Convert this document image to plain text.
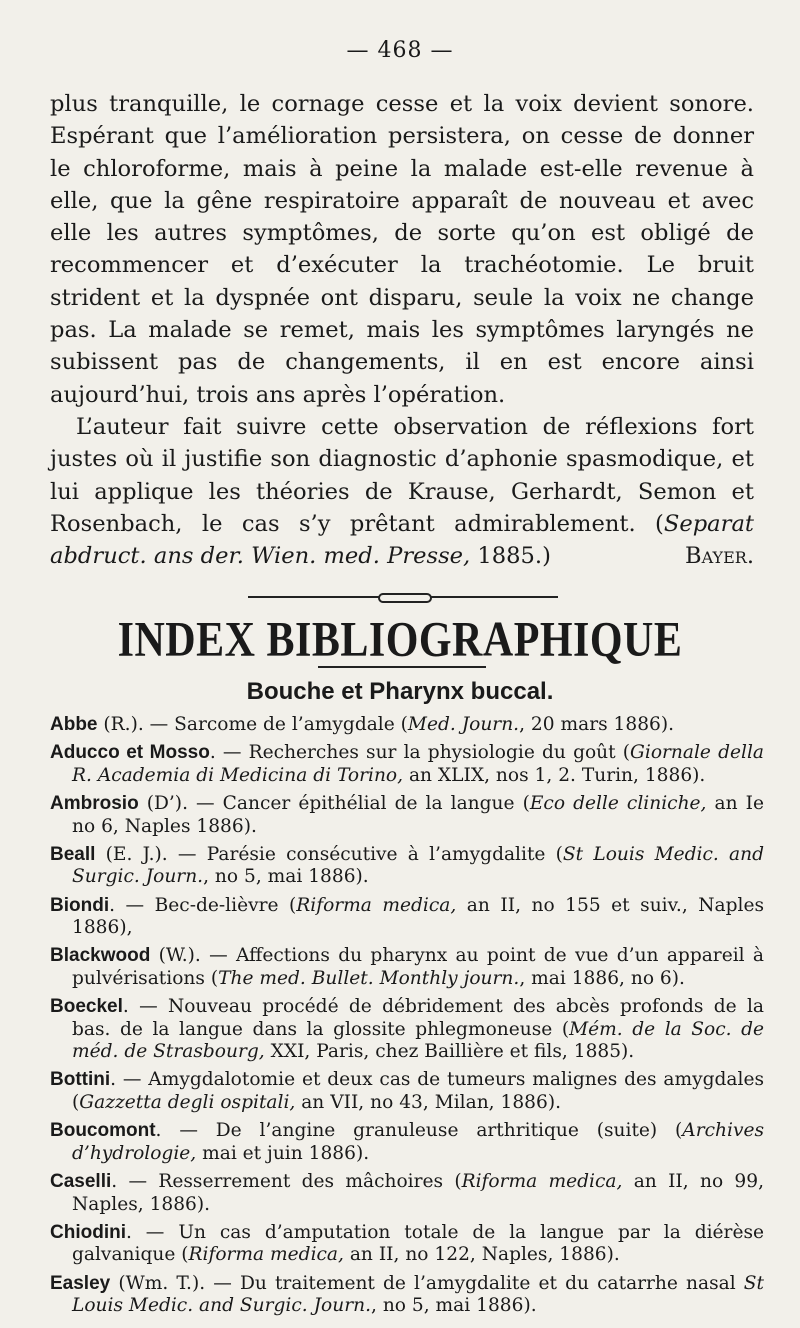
— 468 —

plus tranquille, le cornage cesse et la voix devient sonore. Espérant que l’amélioration persistera, on cesse de donner le chloroforme, mais à peine la malade est-elle revenue à elle, que la gêne respiratoire apparaît de nouveau et avec elle les autres symptômes, de sorte qu’on est obligé de recommencer et d’exécuter la trachéotomie. Le bruit strident et la dyspnée ont disparu, seule la voix ne change pas. La malade se remet, mais les symptômes laryngés ne subissent pas de changements, il en est encore ainsi aujourd’hui, trois ans après l’opération.

L’auteur fait suivre cette observation de réflexions fort justes où il justifie son diagnostic d’aphonie spasmodique, et lui applique les théories de Krause, Gerhardt, Semon et Rosenbach, le cas s’y prêtant admirablement. (Separat abdruct. ans der. Wien. med. Presse, 1885.)	Bayer.

INDEX BIBLIOGRAPHIQUE
Bouche et Pharynx buccal.

Abbe (R.). — Sarcome de l’amygdale (Med. Journ., 20 mars 1886).

Aducco et Mosso. — Recherches sur la physiologie du goût (Giornale della R. Academia di Medicina di Torino, an XLIX, nos 1, 2. Turin, 1886).

Ambrosio (D’). — Cancer épithélial de la langue (Eco delle cliniche, an Ie no 6, Naples 1886).

Beall (E. J.). — Parésie consécutive à l’amygdalite (St Louis Medic. and Surgic. Journ., no 5, mai 1886).

Biondi. — Bec-de-lièvre (Riforma medica, an II, no 155 et suiv., Naples 1886),

Blackwood (W.). — Affections du pharynx au point de vue d’un appareil à pulvérisations (The med. Bullet. Monthly journ., mai 1886, no 6).

Boeckel. — Nouveau procédé de débridement des abcès profonds de la bas. de la langue dans la glossite phlegmoneuse (Mém. de la Soc. de méd. de Strasbourg, XXI, Paris, chez Baillière et fils, 1885).

Bottini. — Amygdalotomie et deux cas de tumeurs malignes des amygdales (Gazzetta degli ospitali, an VII, no 43, Milan, 1886).

Boucomont. — De l’angine granuleuse arthritique (suite) (Archives d’hydrologie, mai et juin 1886).

Caselli. — Resserrement des mâchoires (Riforma medica, an II, no 99, Naples, 1886).

Chiodini. — Un cas d’amputation totale de la langue par la diérèse galvanique (Riforma medica, an II, no 122, Naples, 1886).

Easley (Wm. T.). — Du traitement de l’amygdalite et du catarrhe nasal St Louis Medic. and Surgic. Journ., no 5, mai 1886).
